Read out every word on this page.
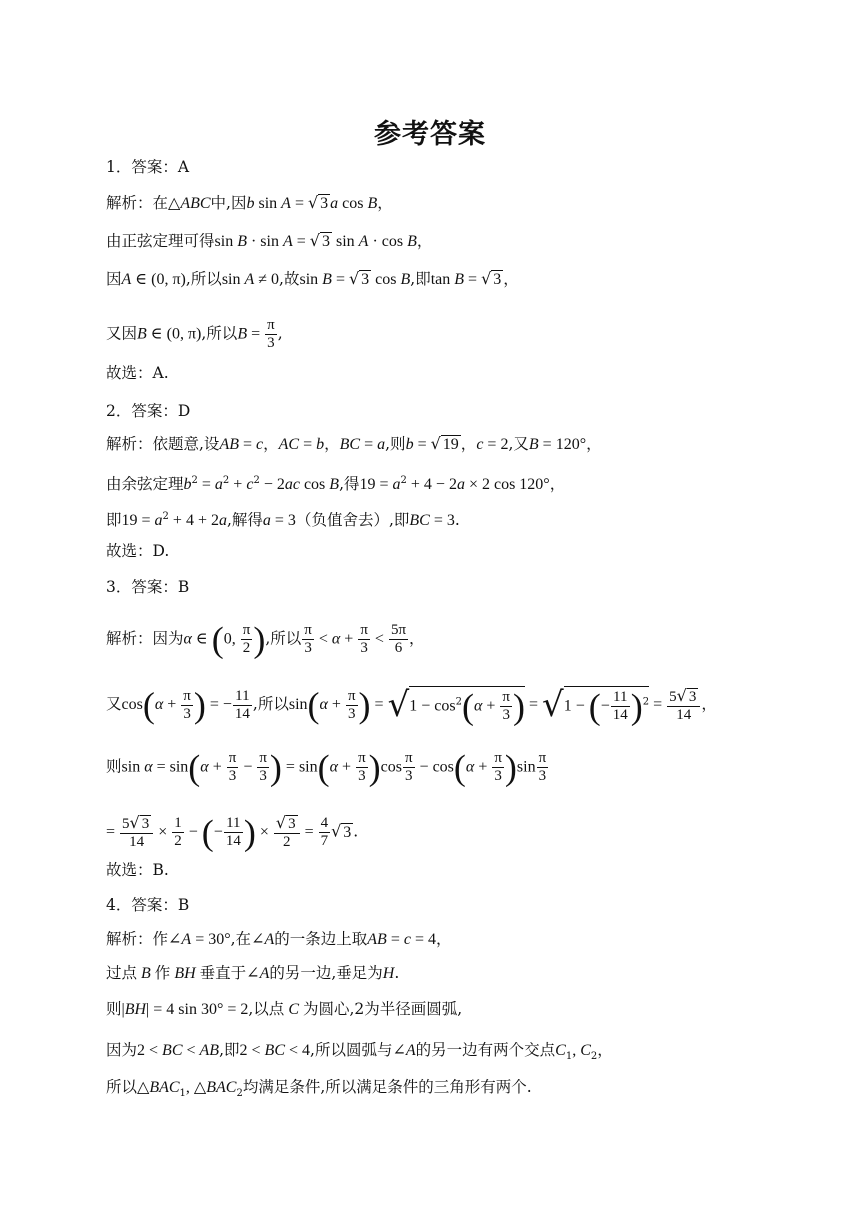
参考答案
1．答案：A
解析：在△ABC中,因b sin A = √ 3 a cos B，
由正弦定理可得sin B · sin A = √ 3 sin A · cos B，
因A ∈ (0, π),所以sin A ≠ 0,故sin B = √ 3 cos B,即tan B = √ 3 ，
又因B ∈ (0, π),所以$B = \frac{\pi}{3}$ ,
故选：A.
2．答案：D
解析：依题意,设AB = c，AC = b，BC = a,则b = √ 19 ，c = 2,又B = 120°，
由余弦定理$b^2 = a^2 + c^2 - 2ac$ cos B,得$19 = a^2 + 4 - 2a \times 2$ cos 120°，
即$19 = a^2 + 4 + 2a$,解得a = 3（负值舍去）,即BC = 3.
故选：D.
3．答案：B
解析：因为α ∈ (0, $\frac{\pi}{2}$ ),所以 $\frac{\pi}{3} < \alpha + \frac{\pi}{3} < \frac{5\pi}{6}$ ，
又$\cos(\alpha + \frac{\pi}{3}$ ) = − $\frac{11}{14}$ ,所以$\sin(\alpha + \frac{\pi}{3}$ ) = $√1 - \cos^2(\alpha + \frac{\pi}{3}$ ) = √1 − (− $\frac{11}{14} )^2 = \frac{5√ 3}{14}$ ，
则$\sin \alpha = \sin(\alpha + \frac{\pi}{3} - \frac{\pi}{3}$ ) = $\sin(\alpha + \frac{\pi}{3} )\cos \frac{\pi}{3} - \cos(\alpha + \frac{\pi}{3} )\sin \frac{\pi}{3}$
= $\frac{5√ 3}{14} \times \frac{1}{2}$ − (− $\frac{11}{14}$ ) × $\frac{√ 3}{2} = \frac{4}{7}$ √ 3 .
故选：B.
4．答案：B
解析：作∠A = 30°,在∠A的一条边上取AB = c = 4，
过点 B 作 BH 垂直于∠A的另一边,垂足为H.
则|BH| = 4 sin 30° = 2,以点 C 为圆心,2为半径画圆弧,
因为2 < BC < AB,即2 < BC < 4,所以圆弧与∠A的另一边有两个交点$C_1$, $C_2$，
所以$\triangle BAC_1$, $\triangle BAC_2$均满足条件,所以满足条件的三角形有两个.
